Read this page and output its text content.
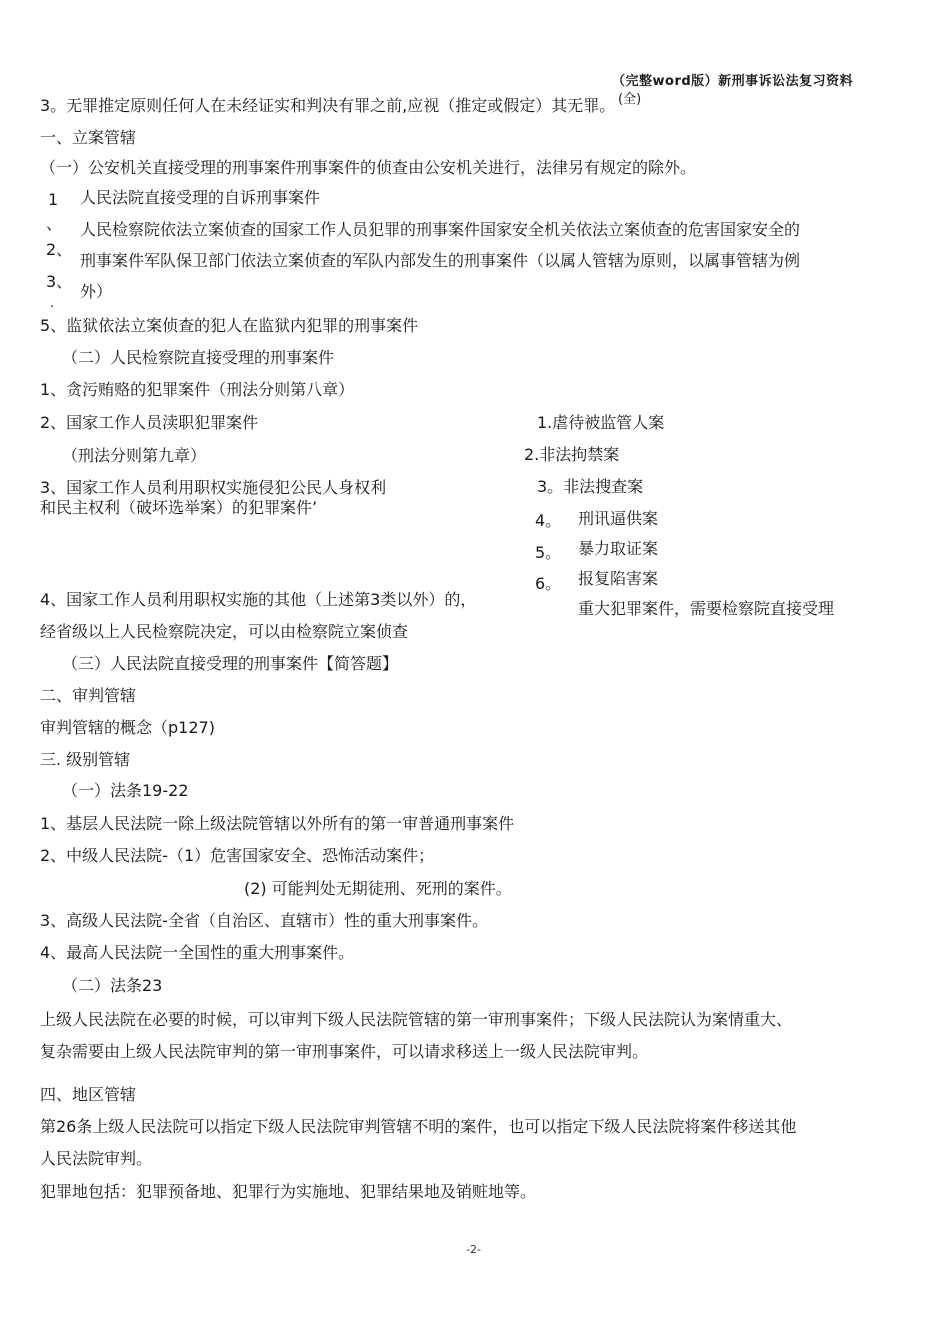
（完整word版）新刑事诉讼法复习资料
(全)
3。无罪推定原则任何人在未经证实和判决有罪之前,应视（推定或假定）其无罪。
一、立案管辖
（一）公安机关直接受理的刑事案件刑事案件的侦查由公安机关进行，法律另有规定的除外。
1 人民法院直接受理的自诉刑事案件
、 人民检察院依法立案侦查的国家工作人员犯罪的刑事案件国家安全机关依法立案侦查的危害国家安全的
2、
刑事案件军队保卫部门依法立案侦查的军队内部发生的刑事案件（以属人管辖为原则，以属事管辖为例
3、
外）
·
5、监狱依法立案侦查的犯人在监狱内犯罪的刑事案件
（二）人民检察院直接受理的刑事案件
1、贪污贿赂的犯罪案件（刑法分则第八章）
2、国家工作人员渎职犯罪案件
（刑法分则第九章）
3、国家工作人员利用职权实施侵犯公民人身权利
和民主权利（破坏选举案）的犯罪案件’
4、国家工作人员利用职权实施的其他（上述第3类以外）的，
经省级以上人民检察院决定，可以由检察院立案侦查
（三）人民法院直接受理的刑事案件【简答题】
1.虐待被监管人案
2.非法拘禁案
3。非法搜查案
4。 刑讯逼供案
5。 暴力取证案
6。 报复陷害案
重大犯罪案件，需要检察院直接受理
二、审判管辖
审判管辖的概念（p127)
三. 级别管辖
（一）法条19-22
1、基层人民法院一除上级法院管辖以外所有的第一审普通刑事案件
2、中级人民法院-（1）危害国家安全、恐怖活动案件；
(2) 可能判处无期徒刑、死刑的案件。
3、高级人民法院-全省（自治区、直辖市）性的重大刑事案件。
4、最高人民法院一全国性的重大刑事案件。
（二）法条23
上级人民法院在必要的时候，可以审判下级人民法院管辖的第一审刑事案件；下级人民法院认为案情重大、
复杂需要由上级人民法院审判的第一审刑事案件，可以请求移送上一级人民法院审判。
四、地区管辖
第26条上级人民法院可以指定下级人民法院审判管辖不明的案件，也可以指定下级人民法院将案件移送其他
人民法院审判。
犯罪地包括：犯罪预备地、犯罪行为实施地、犯罪结果地及销赃地等。
-2-
